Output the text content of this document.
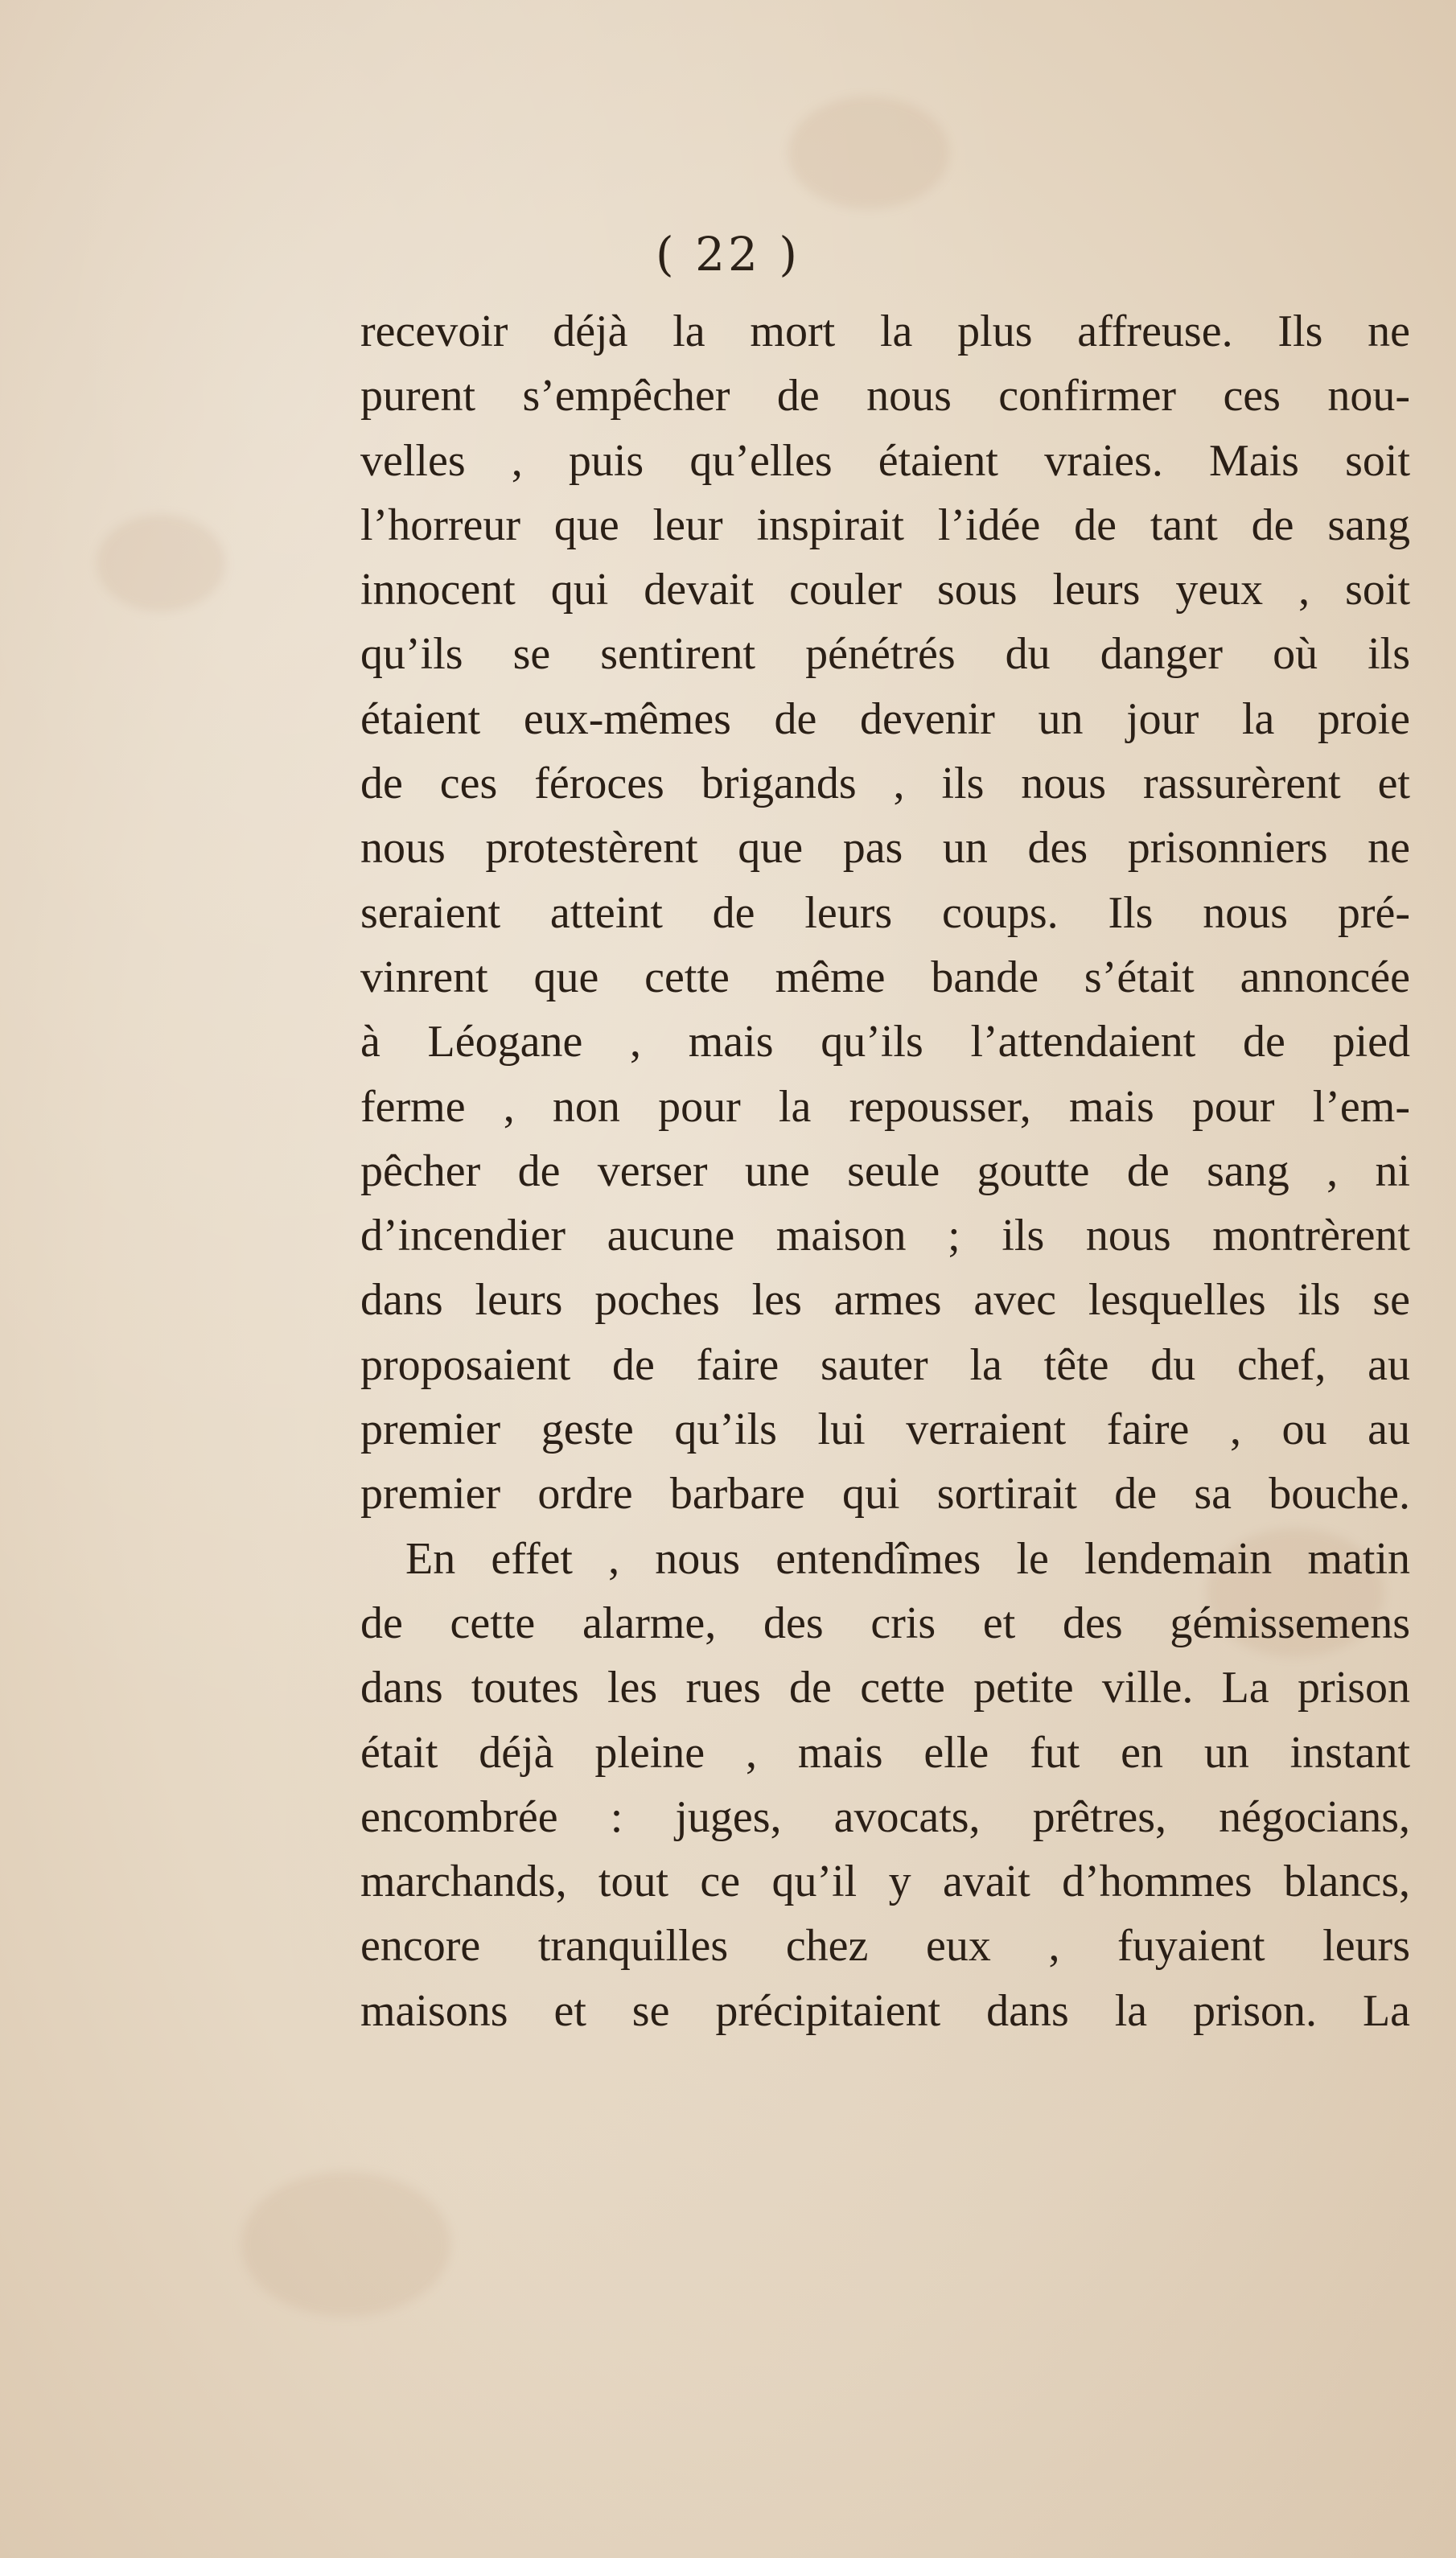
( 22 )
recevoir déjà la mort la plus affreuse. Ils ne
purent s’empêcher de nous confirmer ces nou-
velles , puis qu’elles étaient vraies. Mais soit
l’horreur que leur inspirait l’idée de tant de sang
innocent qui devait couler sous leurs yeux , soit
qu’ils se sentirent pénétrés du danger où ils
étaient eux-mêmes de devenir un jour la proie
de ces féroces brigands , ils nous rassurèrent et
nous protestèrent que pas un des prisonniers ne
seraient atteint de leurs coups. Ils nous pré-
vinrent que cette même bande s’était annoncée
à Léogane , mais qu’ils l’attendaient de pied
ferme , non pour la repousser, mais pour l’em-
pêcher de verser une seule goutte de sang , ni
d’incendier aucune maison ; ils nous montrèrent
dans leurs poches les armes avec lesquelles ils se
proposaient de faire sauter la tête du chef, au
premier geste qu’ils lui verraient faire , ou au
premier ordre barbare qui sortirait de sa bouche.
En effet , nous entendîmes le lendemain matin
de cette alarme, des cris et des gémissemens
dans toutes les rues de cette petite ville. La prison
était déjà pleine , mais elle fut en un instant
encombrée : juges, avocats, prêtres, négocians,
marchands, tout ce qu’il y avait d’hommes blancs,
encore tranquilles chez eux , fuyaient leurs
maisons et se précipitaient dans la prison. La
